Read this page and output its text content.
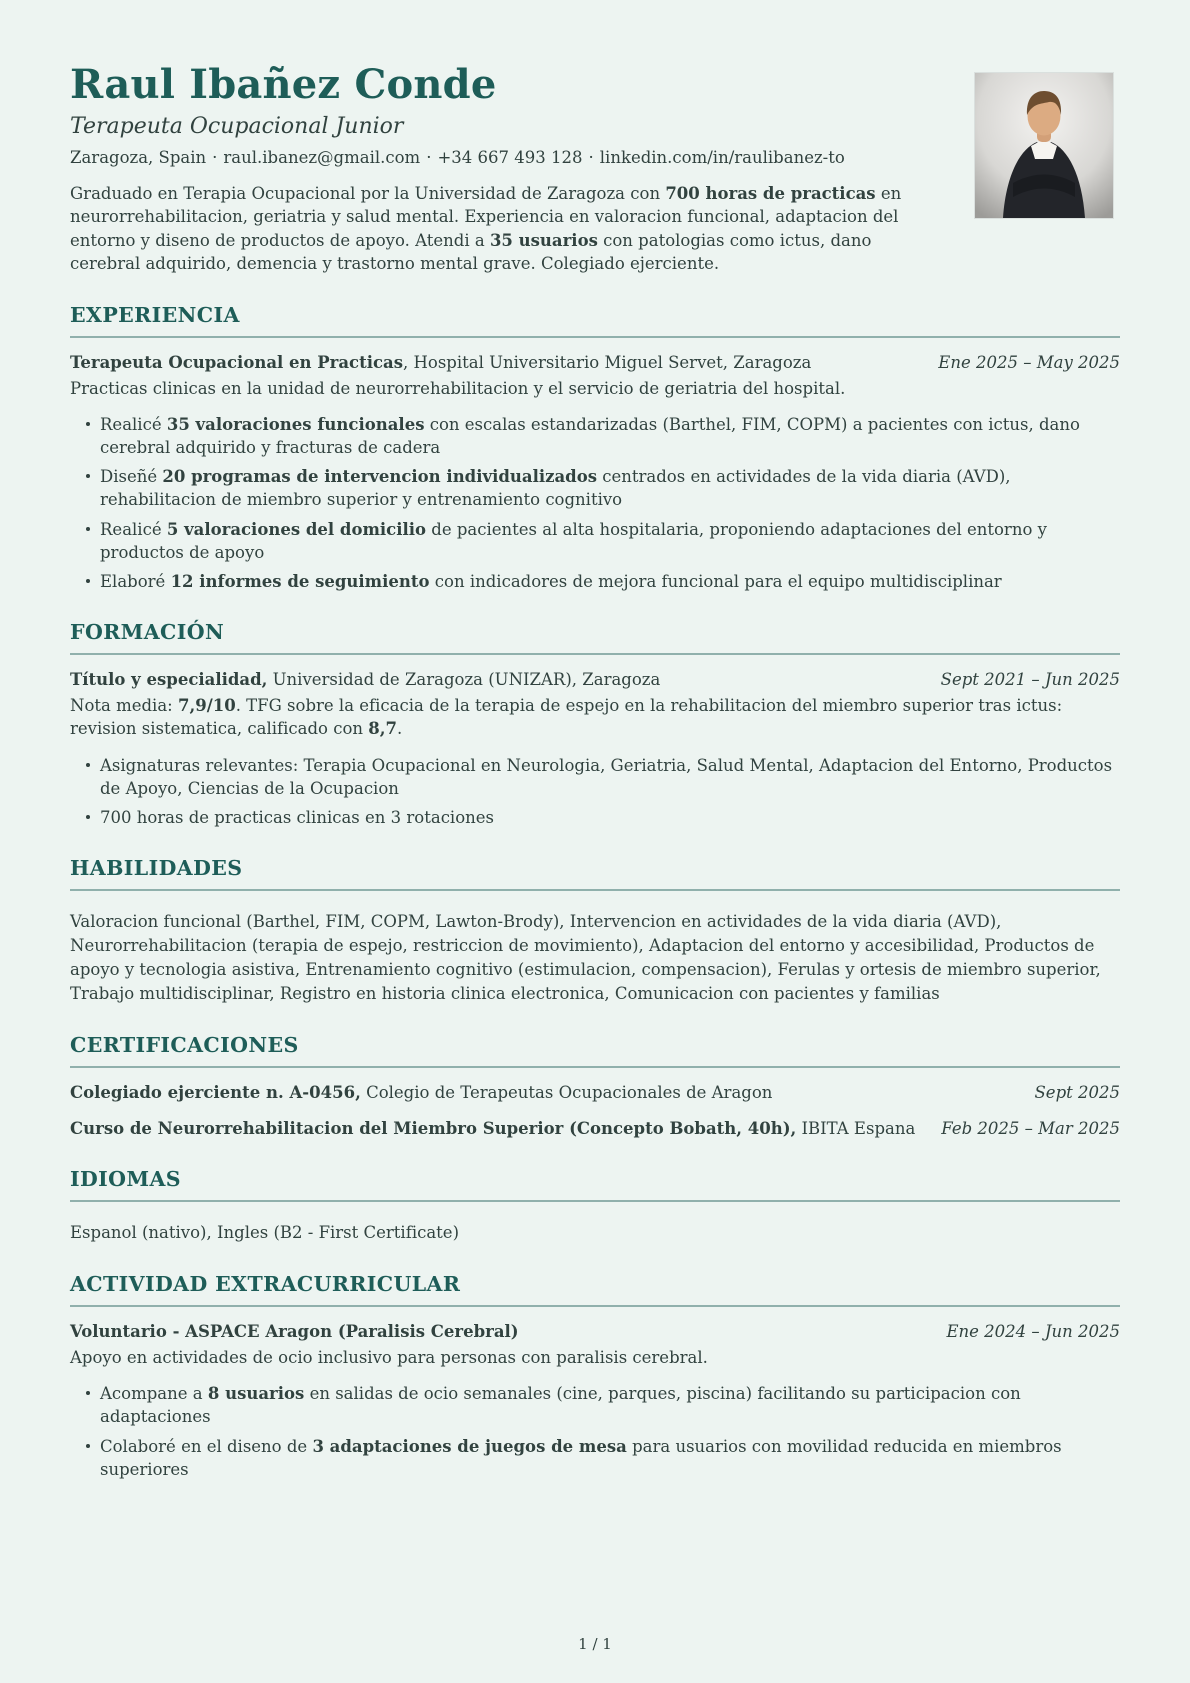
Raul Ibañez Conde
Terapeuta Ocupacional Junior
Zaragoza, Spain · raul.ibanez@gmail.com · +34 667 493 128 · linkedin.com/in/raulibanez-to

Graduado en Terapia Ocupacional por la Universidad de Zaragoza con 700 horas de practicas en neurorrehabilitacion, geriatria y salud mental. Experiencia en valoracion funcional, adaptacion del entorno y diseno de productos de apoyo. Atendi a 35 usuarios con patologias como ictus, dano cerebral adquirido, demencia y trastorno mental grave. Colegiado ejerciente.

EXPERIENCIA
Terapeuta Ocupacional en Practicas, Hospital Universitario Miguel Servet, Zaragoza	Ene 2025 – May 2025
Practicas clinicas en la unidad de neurorrehabilitacion y el servicio de geriatria del hospital.
Realicé 35 valoraciones funcionales con escalas estandarizadas (Barthel, FIM, COPM) a pacientes con ictus, dano cerebral adquirido y fracturas de cadera
Diseñé 20 programas de intervencion individualizados centrados en actividades de la vida diaria (AVD), rehabilitacion de miembro superior y entrenamiento cognitivo
Realicé 5 valoraciones del domicilio de pacientes al alta hospitalaria, proponiendo adaptaciones del entorno y productos de apoyo
Elaboré 12 informes de seguimiento con indicadores de mejora funcional para el equipo multidisciplinar
FORMACIÓN
Título y especialidad, Universidad de Zaragoza (UNIZAR), Zaragoza	Sept 2021 – Jun 2025
Nota media: 7,9/10. TFG sobre la eficacia de la terapia de espejo en la rehabilitacion del miembro superior tras ictus: revision sistematica, calificado con 8,7.
Asignaturas relevantes: Terapia Ocupacional en Neurologia, Geriatria, Salud Mental, Adaptacion del Entorno, Productos de Apoyo, Ciencias de la Ocupacion
700 horas de practicas clinicas en 3 rotaciones
HABILIDADES

Valoracion funcional (Barthel, FIM, COPM, Lawton-Brody), Intervencion en actividades de la vida diaria (AVD), Neurorrehabilitacion (terapia de espejo, restriccion de movimiento), Adaptacion del entorno y accesibilidad, Productos de apoyo y tecnologia asistiva, Entrenamiento cognitivo (estimulacion, compensacion), Ferulas y ortesis de miembro superior, Trabajo multidisciplinar, Registro en historia clinica electronica, Comunicacion con pacientes y familias

CERTIFICACIONES
Colegiado ejerciente n. A-0456, Colegio de Terapeutas Ocupacionales de Aragon	Sept 2025
Curso de Neurorrehabilitacion del Miembro Superior (Concepto Bobath, 40h), IBITA Espana Feb 2025 – Mar 2025
IDIOMAS

Espanol (nativo), Ingles (B2 - First Certificate)

ACTIVIDAD EXTRACURRICULAR
Voluntario - ASPACE Aragon (Paralisis Cerebral)	Ene 2024 – Jun 2025
Apoyo en actividades de ocio inclusivo para personas con paralisis cerebral.
Acompane a 8 usuarios en salidas de ocio semanales (cine, parques, piscina) facilitando su participacion con adaptaciones
Colaboré en el diseno de 3 adaptaciones de juegos de mesa para usuarios con movilidad reducida en miembros superiores
1 / 1
